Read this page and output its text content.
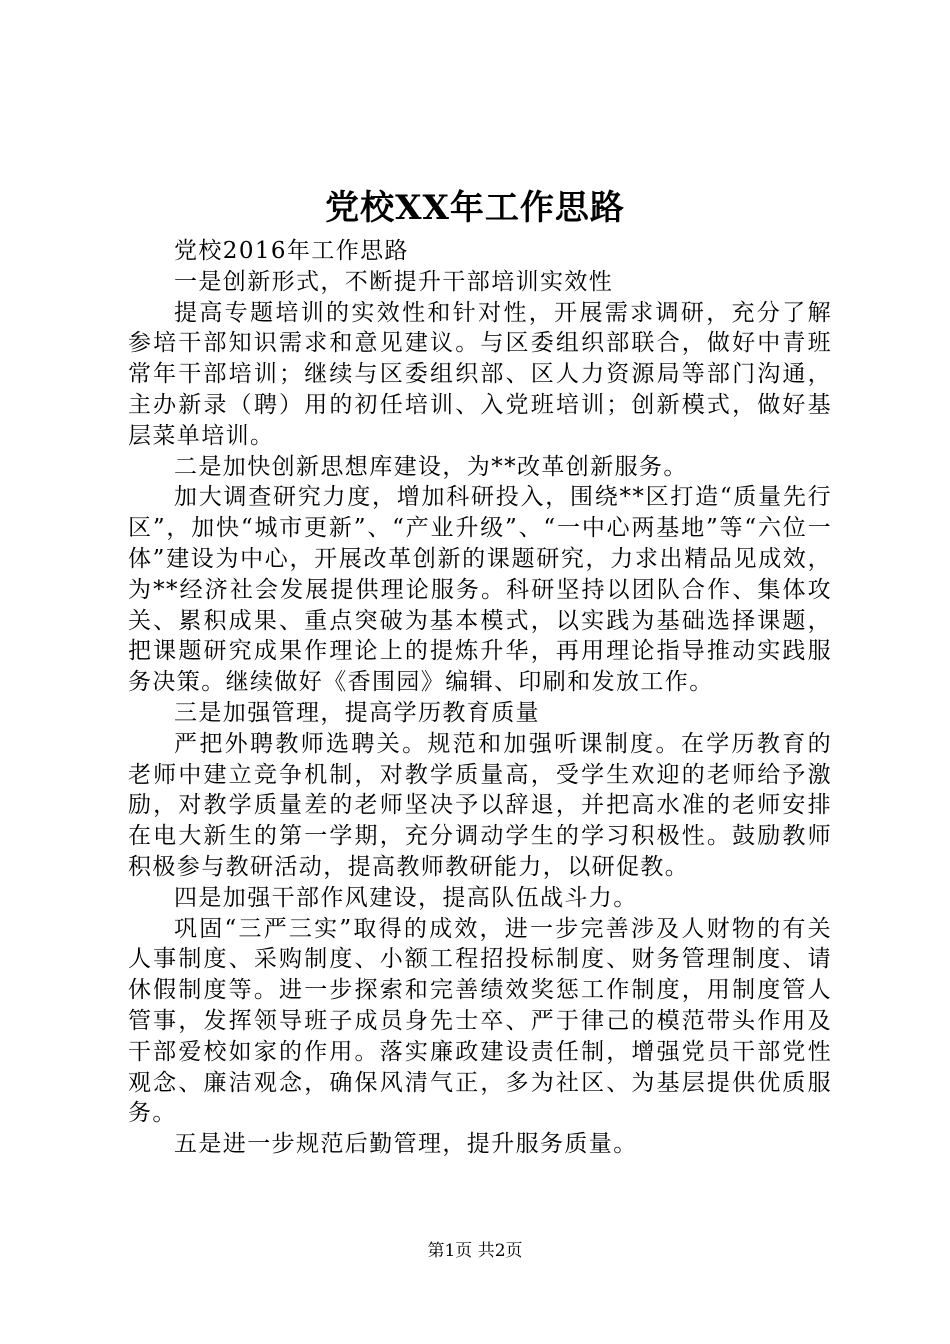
党校XX年工作思路

党校2016年工作思路

一是创新形式，不断提升干部培训实效性

提高专题培训的实效性和针对性，开展需求调研，充分了解参培干部知识需求和意见建议。与区委组织部联合，做好中青班常年干部培训；继续与区委组织部、区人力资源局等部门沟通，主办新录（聘）用的初任培训、入党班培训；创新模式，做好基层菜单培训。

二是加快创新思想库建设，为**改革创新服务。

加大调查研究力度，增加科研投入，围绕**区打造“质量先行区”，加快“城市更新”、“产业升级”、“一中心两基地”等“六位一体”建设为中心，开展改革创新的课题研究，力求出精品见成效，为**经济社会发展提供理论服务。科研坚持以团队合作、集体攻关、累积成果、重点突破为基本模式，以实践为基础选择课题，把课题研究成果作理论上的提炼升华，再用理论指导推动实践服务决策。继续做好《香围园》编辑、印刷和发放工作。

三是加强管理，提高学历教育质量

严把外聘教师选聘关。规范和加强听课制度。在学历教育的老师中建立竞争机制，对教学质量高，受学生欢迎的老师给予激励，对教学质量差的老师坚决予以辞退，并把高水准的老师安排在电大新生的第一学期，充分调动学生的学习积极性。鼓励教师积极参与教研活动，提高教师教研能力，以研促教。

四是加强干部作风建设，提高队伍战斗力。

巩固“三严三实”取得的成效，进一步完善涉及人财物的有关人事制度、采购制度、小额工程招投标制度、财务管理制度、请休假制度等。进一步探索和完善绩效奖惩工作制度，用制度管人管事，发挥领导班子成员身先士卒、严于律己的模范带头作用及干部爱校如家的作用。落实廉政建设责任制，增强党员干部党性观念、廉洁观念，确保风清气正，多为社区、为基层提供优质服务。

五是进一步规范后勤管理，提升服务质量。

第1页 共2页
